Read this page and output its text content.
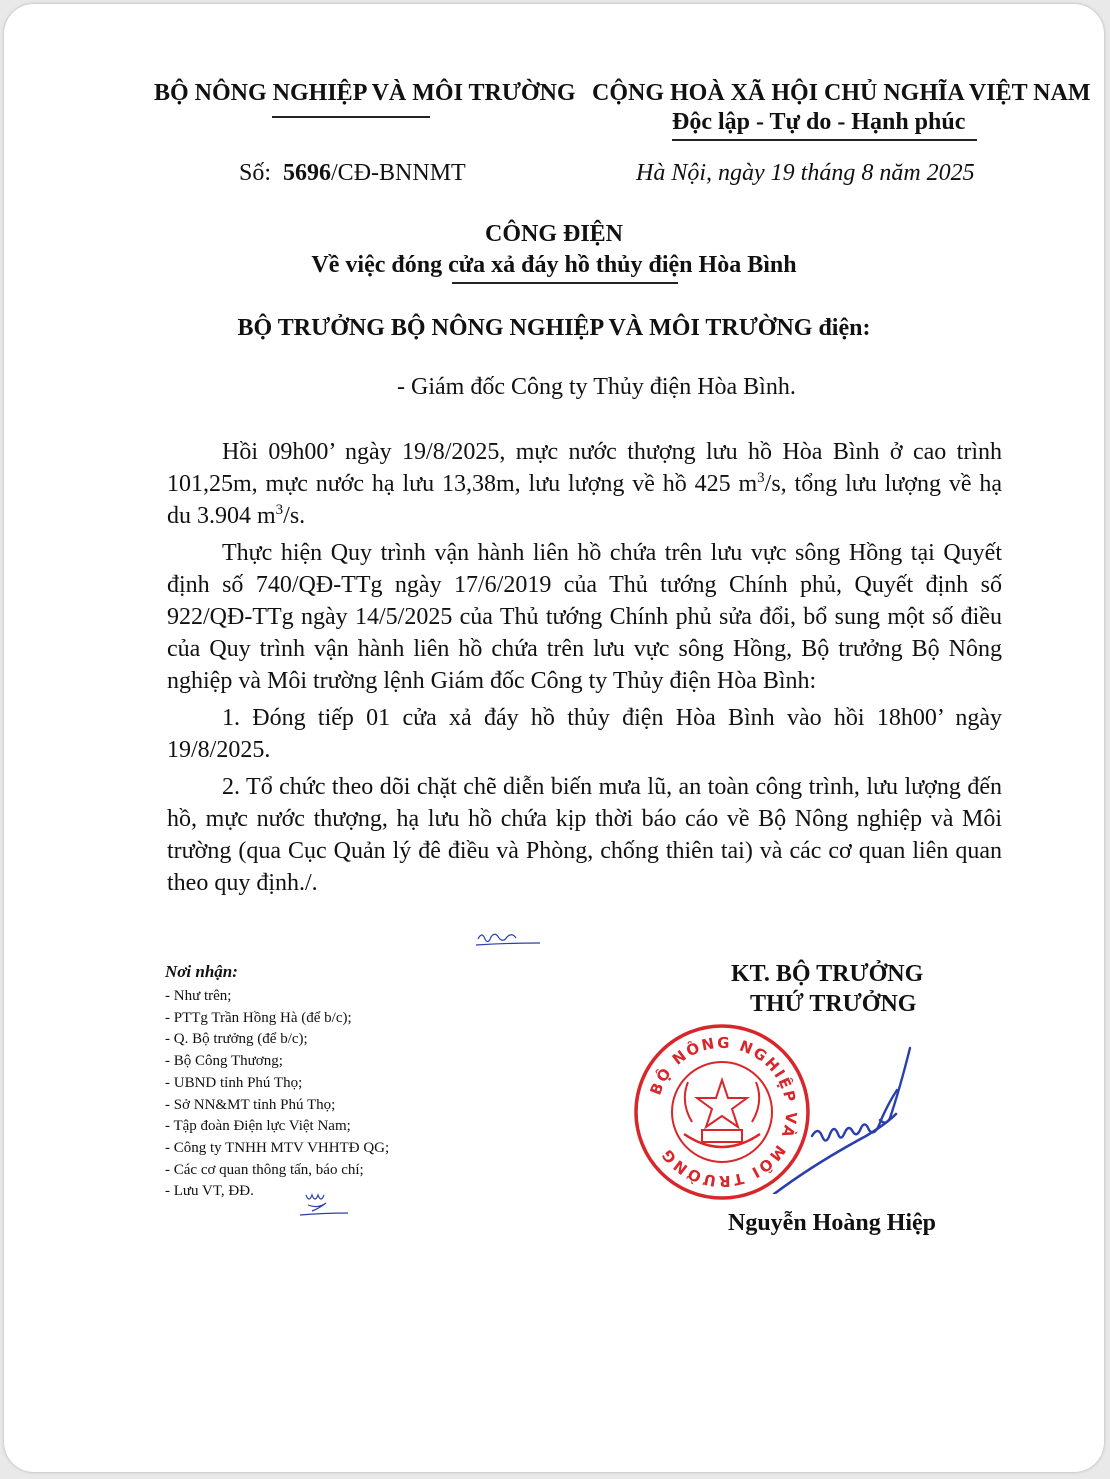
BỘ NÔNG NGHIỆP VÀ MÔI TRƯỜNG CỘNG HOÀ XÃ HỘI CHỦ NGHĨA VIỆT NAM
Độc lập - Tự do - Hạnh phúc
Số: 5696/CĐ-BNNMT	Hà Nội, ngày 19 tháng 8 năm 2025
CÔNG ĐIỆN
Về việc đóng cửa xả đáy hồ thủy điện Hòa Bình
BỘ TRƯỞNG BỘ NÔNG NGHIỆP VÀ MÔI TRƯỜNG điện:
- Giám đốc Công ty Thủy điện Hòa Bình.

Hồi 09h00’ ngày 19/8/2025, mực nước thượng lưu hồ Hòa Bình ở cao trình 101,25m, mực nước hạ lưu 13,38m, lưu lượng về hồ 425 $m^3/s$, tổng lưu lượng về hạ du 3.904 $m^3/s$.

Thực hiện Quy trình vận hành liên hồ chứa trên lưu vực sông Hồng tại Quyết định số 740/QĐ-TTg ngày 17/6/2019 của Thủ tướng Chính phủ, Quyết định số 922/QĐ-TTg ngày 14/5/2025 của Thủ tướng Chính phủ sửa đổi, bổ sung một số điều của Quy trình vận hành liên hồ chứa trên lưu vực sông Hồng, Bộ trưởng Bộ Nông nghiệp và Môi trường lệnh Giám đốc Công ty Thủy điện Hòa Bình:

1. Đóng tiếp 01 cửa xả đáy hồ thủy điện Hòa Bình vào hồi 18h00’ ngày 19/8/2025.

2. Tổ chức theo dõi chặt chẽ diễn biến mưa lũ, an toàn công trình, lưu lượng đến hồ, mực nước thượng, hạ lưu hồ chứa kịp thời báo cáo về Bộ Nông nghiệp và Môi trường (qua Cục Quản lý đê điều và Phòng, chống thiên tai) và các cơ quan liên quan theo quy định./.

Nơi nhận:
- Như trên;
- PTTg Trần Hồng Hà (để b/c);
- Q. Bộ trưởng (để b/c);
- Bộ Công Thương;
- UBND tỉnh Phú Thọ;
- Sở NN&MT tỉnh Phú Thọ;
- Tập đoàn Điện lực Việt Nam;
- Công ty TNHH MTV VHHTĐ QG;
- Các cơ quan thông tấn, báo chí;
- Lưu VT, ĐĐ.
KT. BỘ TRƯỞNG
THỨ TRƯỞNG
BỘ NÔNG NGHIỆP VÀ MÔI TRƯỜNG
Nguyễn Hoàng Hiệp
